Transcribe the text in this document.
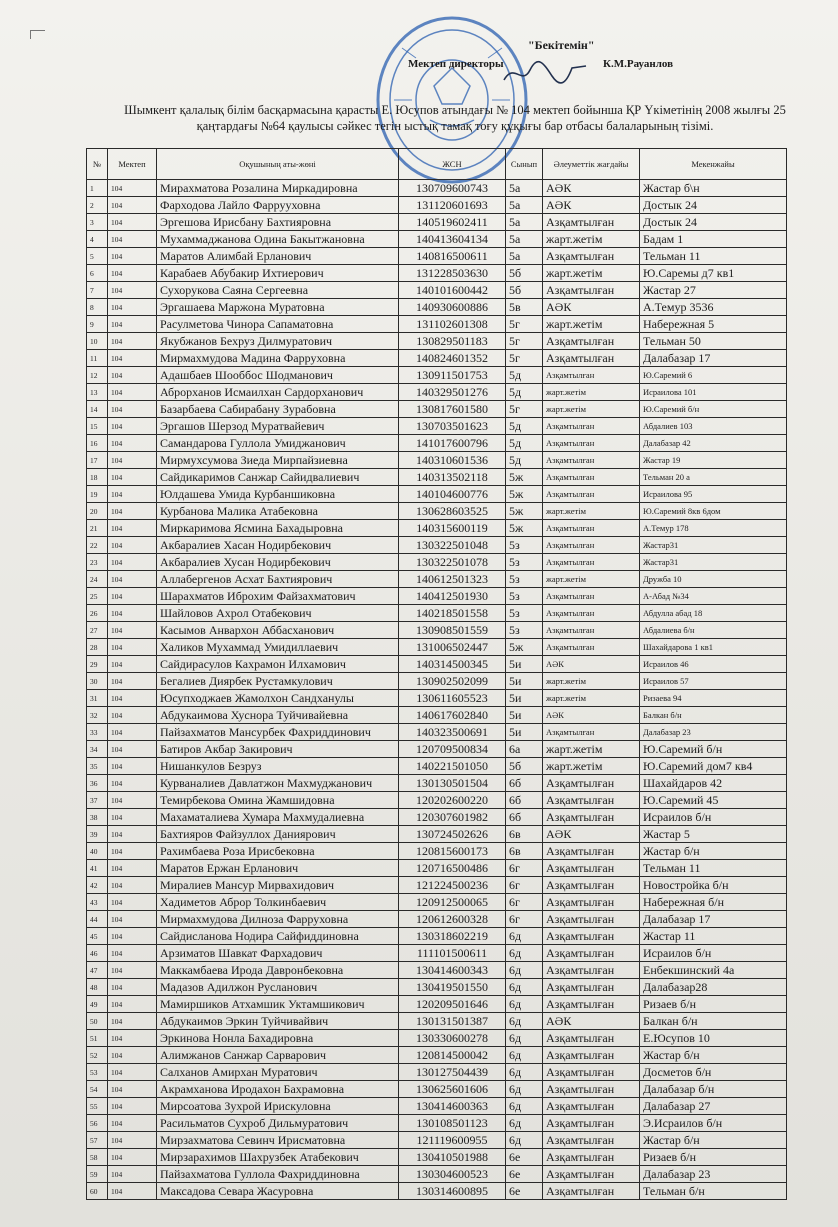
"Бекітемін"
Мектеп директоры	К.М.Рауанлов
Шымкент қалалық білім басқармасына қарасты Е. Юсупов атындағы № 104 мектеп бойынша ҚР Үкіметінің 2008 жылғы 25 қаңтардағы №64 қаулысы сәйкес тегін ыстық тамақ тоғу құқығы бар отбасы балаларының тізімі.
№	Мектеп	Оқушының аты-жөні	ЖСН	Сынып	Әлеуметтік жағдайы	Мекенжайы
1	104	Мирахматова Розалина Миркадировна	130709600743	5а	АӘК	Жастар б\н
2	104	Фарходова Лайло Фаррууховна	131120601693	5а	АӘК	Достык 24
3	104	Эргешова Ирисбану Бахтияровна	140519602411	5а	Азқамтылған	Достык 24
4	104	Мухаммаджанова Одина Бакытжановна	140413604134	5а	жарт.жетім	Бадам 1
5	104	Маратов Алимбай Ерланович	140816500611	5а	Азқамтылған	Тельман 11
6	104	Карабаев Абубакир Ихтиерович	131228503630	5б	жарт.жетім	Ю.Саремы д7 кв1
7	104	Сухорукова Саяна Сергеевна	140101600442	5б	Азқамтылған	Жастар 27
8	104	Эргашаева Маржона Муратовна	140930600886	5в	АӘК	А.Темур 3536
9	104	Расулметова Чинора Сапаматовна	131102601308	5г	жарт.жетім	Набережная 5
10	104	Якубжанов Бехруз Дилмуратович	130829501183	5г	Азқамтылған	Тельман 50
11	104	Мирмахмудова Мадина Фарруховна	140824601352	5г	Азқамтылған	Далабазар 17
12	104	Адашбаев Шооббос Шодманович	130911501753	5д	Азқамтылған	Ю.Саремий 6
13	104	Аброрханов Исмаилхан Сардорханович	140329501276	5д	жарт.жетім	Исраилова 101
14	104	Базарбаева Сабирабану Зурабовна	130817601580	5г	жарт.жетім	Ю.Саремий б/н
15	104	Эргашов Шерзод Муратвайевич	130703501623	5д	Азқамтылған	Абдалиев 103
16	104	Самандарова Гуллола Умиджанович	141017600796	5д	Азқамтылған	Далабазар 42
17	104	Мирмухсумова Зиеда Мирпайзиевна	140310601536	5д	Азқамтылған	Жастар 19
18	104	Сайдикаримов Санжар Сайидвалиевич	140313502118	5ж	Азқамтылған	Тельман 20 а
19	104	Юлдашева Умида Курбаншиковна	140104600776	5ж	Азқамтылған	Исраилова 95
20	104	Курбанова Малика Атабековна	130628603525	5ж	жарт.жетім	Ю.Саремий 8кв 6дом
21	104	Миркаримова Ясмина Бахадыровна	140315600119	5ж	Азқамтылған	А.Темур 178
22	104	Акбаралиев Хасан Нодирбекович	130322501048	5з	Азқамтылған	Жастар31
23	104	Акбаралиев Хусан Нодирбекович	130322501078	5з	Азқамтылған	Жастар31
24	104	Аллабергенов Асхат Бахтиярович	140612501323	5з	жарт.жетім	Дружба 10
25	104	Шарахматов Иброхим Файзахматович	140412501930	5з	Азқамтылған	А-Абад №34
26	104	Шайловов Ахрол Отабекович	140218501558	5з	Азқамтылған	Абдулла абад 18
27	104	Касымов Анвархон Аббасханович	130908501559	5з	Азқамтылған	Абдалиева б/н
28	104	Халиков Мухаммад Умидиллаевич	131006502447	5ж	Азқамтылған	Шахайдарова 1 кв1
29	104	Сайдирасулов Кахрамон Илхамович	140314500345	5и	АӘК	Исраилов 46
30	104	Бегалиев Диярбек Рустамкулович	130902502099	5и	жарт.жетім	Исраилов 57
31	104	Юсупходжаев Жамолхон Сандханулы	130611605523	5и	жарт.жетім	Ризаева 94
32	104	Абдукаимова Хуснора Туйчивайевна	140617602840	5и	АӘК	Балкан б/н
33	104	Пайзахматов Мансурбек Фахриддинович	140323500691	5и	Азқамтылған	Далабазар 23
34	104	Батиров Акбар Закирович	120709500834	6а	жарт.жетім	Ю.Саремий б/н
35	104	Нишанкулов Безруз	140221501050	5б	жарт.жетім	Ю.Саремий дом7 кв4
36	104	Курваналиев Давлатжон Махмуджанович	130130501504	6б	Азқамтылған	Шахайдаров 42
37	104	Темирбекова Омина Жамшидовна	120202600220	6б	Азқамтылған	Ю.Саремий 45
38	104	Махаматалиева Хумара Махмудалиевна	120307601982	6б	Азқамтылған	Исраилов б/н
39	104	Бахтияров Файзуллох Даниярович	130724502626	6в	АӘК	Жастар 5
40	104	Рахимбаева Роза Ирисбековна	120815600173	6в	Азқамтылған	Жастар б/н
41	104	Маратов Ержан Ерланович	120716500486	6г	Азқамтылған	Тельман 11
42	104	Миралиев Мансур Мирвахидович	121224500236	6г	Азқамтылған	Новостройка б/н
43	104	Хадиметов Аброр Толкинбаевич	120912500065	6г	Азқамтылған	Набережная б/н
44	104	Мирмахмудова Дилноза Фарруховна	120612600328	6г	Азқамтылған	Далабазар 17
45	104	Сайдисланова Нодира Сайфиддиновна	130318602219	6д	Азқамтылған	Жастар 11
46	104	Арзиматов Шавкат Фархадович	111101500611	6д	Азқамтылған	Исраилов б/н
47	104	Маккамбаева Ирода Давронбековна	130414600343	6д	Азқамтылған	Енбекшинский 4а
48	104	Мадазов Адилжон Русланович	130419501550	6д	Азқамтылған	Далабазар28
49	104	Мамиршиков Атхамшик Уктамшикович	120209501646	6д	Азқамтылған	Ризаев б/н
50	104	Абдукаимов Эркин Туйчивайвич	130131501387	6д	АӘК	Балкан б/н
51	104	Эркинова Нонла Бахадировна	130330600278	6д	Азқамтылған	Е.Юсупов 10
52	104	Алимжанов Санжар Сарварович	120814500042	6д	Азқамтылған	Жастар б/н
53	104	Салханов Амирхан Муратович	130127504439	6д	Азқамтылған	Досметов б/н
54	104	Акрамханова Иродахон Бахрамовна	130625601606	6д	Азқамтылған	Далабазар б/н
55	104	Мирсоатова Зухрой Ирискуловна	130414600363	6д	Азқамтылған	Далабазар 27
56	104	Расильматов Сухроб Дильмуратович	130108501123	6д	Азқамтылған	Э.Исраилов б/н
57	104	Мирзахматова Севинч Ирисматовна	121119600955	6д	Азқамтылған	Жастар б/н
58	104	Мирзарахимов Шахрузбек Атабекович	130410501988	6е	Азқамтылған	Ризаев б/н
59	104	Пайзахматова Гуллола Фахриддиновна	130304600523	6е	Азқамтылған	Далабазар 23
60	104	Максадова Севара Жасуровна	130314600895	6е	Азқамтылған	Тельман б/н
